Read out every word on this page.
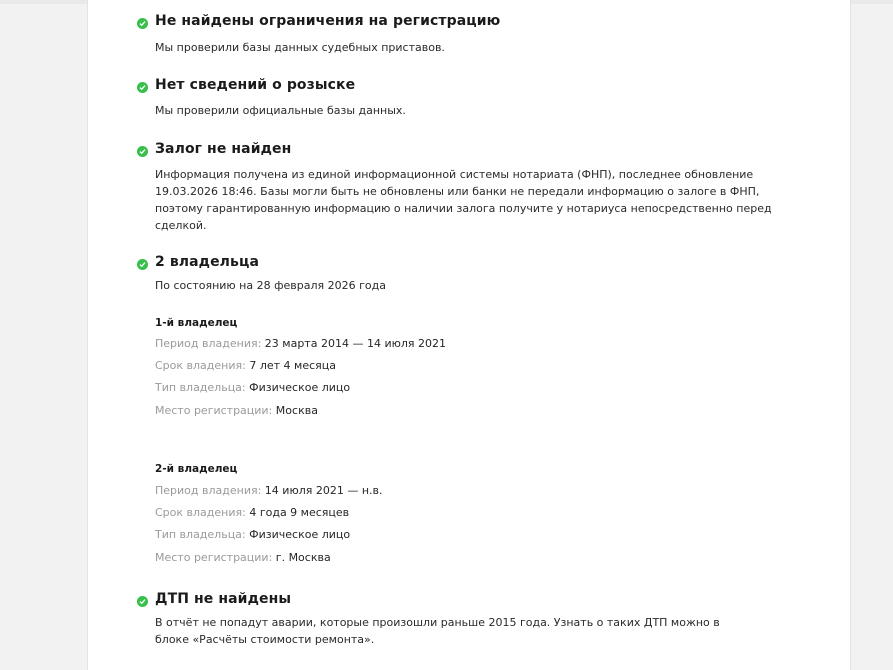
Не найдены ограничения на регистрацию
Мы проверили базы данных судебных приставов.
Нет сведений о розыске
Мы проверили официальные базы данных.
Залог не найден
Информация получена из единой информационной системы нотариата (ФНП), последнее обновление 19.03.2026 18:46. Базы могли быть не обновлены или банки не передали информацию о залоге в ФНП, поэтому гарантированную информацию о наличии залога получите у нотариуса непосредственно перед сделкой.
2 владельца
По состоянию на 28 февраля 2026 года
1-й владелец
Период владения: 23 марта 2014 — 14 июля 2021
Срок владения: 7 лет 4 месяца
Тип владельца: Физическое лицо
Место регистрации: Москва
2-й владелец
Период владения: 14 июля 2021 — н.в.
Срок владения: 4 года 9 месяцев
Тип владельца: Физическое лицо
Место регистрации: г. Москва
ДТП не найдены
В отчёт не попадут аварии, которые произошли раньше 2015 года. Узнать о таких ДТП можно в блоке «Расчёты стоимости ремонта».
